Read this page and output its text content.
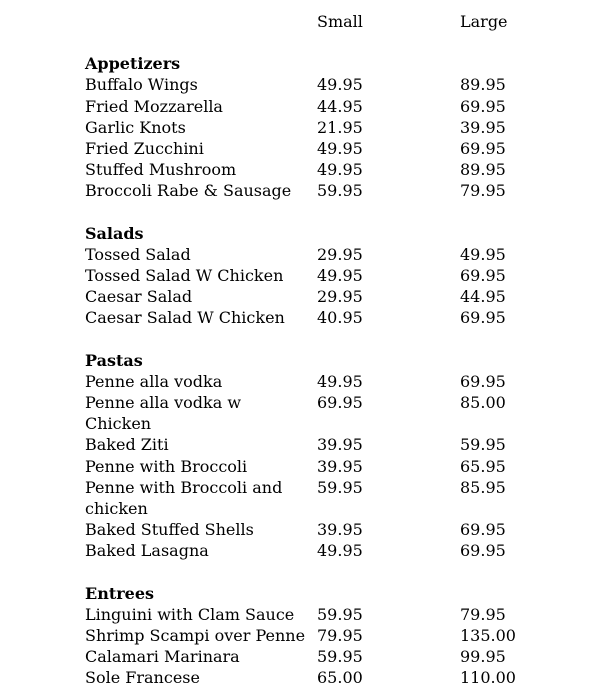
Small	Large
Appetizers
Buffalo Wings	49.95	89.95
Fried Mozzarella	44.95	69.95
Garlic Knots	21.95	39.95
Fried Zucchini	49.95	69.95
Stuffed Mushroom	49.95	89.95
Broccoli Rabe & Sausage	59.95	79.95
Salads
Tossed Salad	29.95	49.95
Tossed Salad W Chicken	49.95	69.95
Caesar Salad	29.95	44.95
Caesar Salad W Chicken	40.95	69.95
Pastas
Penne alla vodka	49.95	69.95
Penne alla vodka w Chicken
69.95	85.00
Baked Ziti	39.95	59.95
Penne with Broccoli	39.95	65.95
Penne with Broccoli and chicken
59.95	85.95
Baked Stuffed Shells	39.95	69.95
Baked Lasagna	49.95	69.95
Entrees
Linguini with Clam Sauce	59.95	79.95
Shrimp Scampi over Penne 79.95	135.00
Calamari Marinara	59.95	99.95
Sole Francese	65.00	110.00
